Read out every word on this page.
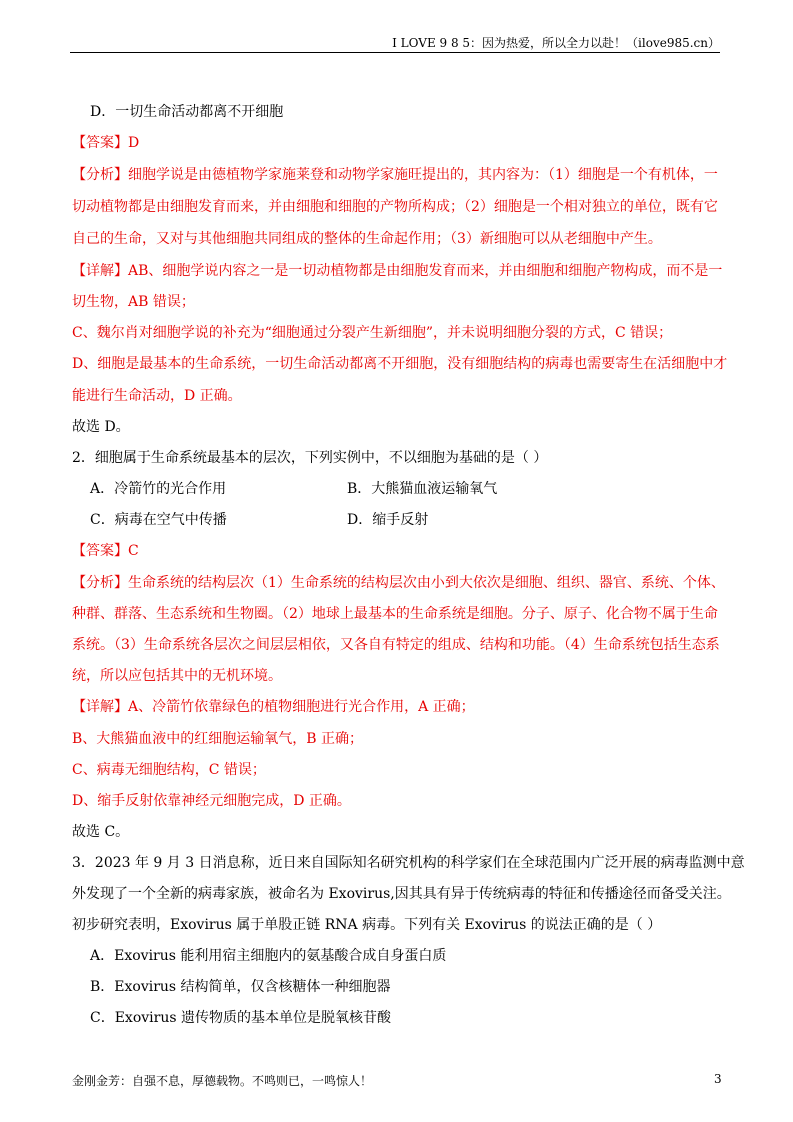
I LOVE 9 8 5：因为热爱，所以全力以赴！（ilove985.cn）
D．一切生命活动都离不开细胞
【答案】D
【分析】细胞学说是由德植物学家施莱登和动物学家施旺提出的，其内容为：（1）细胞是一个有机体，一
切动植物都是由细胞发育而来，并由细胞和细胞的产物所构成；（2）细胞是一个相对独立的单位，既有它
自己的生命，又对与其他细胞共同组成的整体的生命起作用；（3）新细胞可以从老细胞中产生。
【详解】AB、细胞学说内容之一是一切动植物都是由细胞发育而来，并由细胞和细胞产物构成，而不是一
切生物，AB 错误；
C、魏尔肖对细胞学说的补充为“细胞通过分裂产生新细胞”，并未说明细胞分裂的方式，C 错误；
D、细胞是最基本的生命系统，一切生命活动都离不开细胞，没有细胞结构的病毒也需要寄生在活细胞中才
能进行生命活动，D 正确。
故选 D。
2．细胞属于生命系统最基本的层次，下列实例中，不以细胞为基础的是（ ）
A．冷箭竹的光合作用	B．大熊猫血液运输氧气
C．病毒在空气中传播	D．缩手反射
【答案】C
【分析】生命系统的结构层次（1）生命系统的结构层次由小到大依次是细胞、组织、器官、系统、个体、
种群、群落、生态系统和生物圈。（2）地球上最基本的生命系统是细胞。分子、原子、化合物不属于生命
系统。（3）生命系统各层次之间层层相依，又各自有特定的组成、结构和功能。（4）生命系统包括生态系
统，所以应包括其中的无机环境。
【详解】A、冷箭竹依靠绿色的植物细胞进行光合作用，A 正确；
B、大熊猫血液中的红细胞运输氧气，B 正确；
C、病毒无细胞结构，C 错误；
D、缩手反射依靠神经元细胞完成，D 正确。
故选 C。
3．2023 年 9 月 3 日消息称，近日来自国际知名研究机构的科学家们在全球范围内广泛开展的病毒监测中意
外发现了一个全新的病毒家族，被命名为 Exovirus,因其具有异于传统病毒的特征和传播途径而备受关注。
初步研究表明，Exovirus 属于单股正链 RNA 病毒。下列有关 Exovirus 的说法正确的是（ ）
A．Exovirus 能利用宿主细胞内的氨基酸合成自身蛋白质
B．Exovirus 结构简单，仅含核糖体一种细胞器
C．Exovirus 遗传物质的基本单位是脱氧核苷酸
金刚金芳：自强不息，厚德载物。不鸣则已，一鸣惊人！	3
